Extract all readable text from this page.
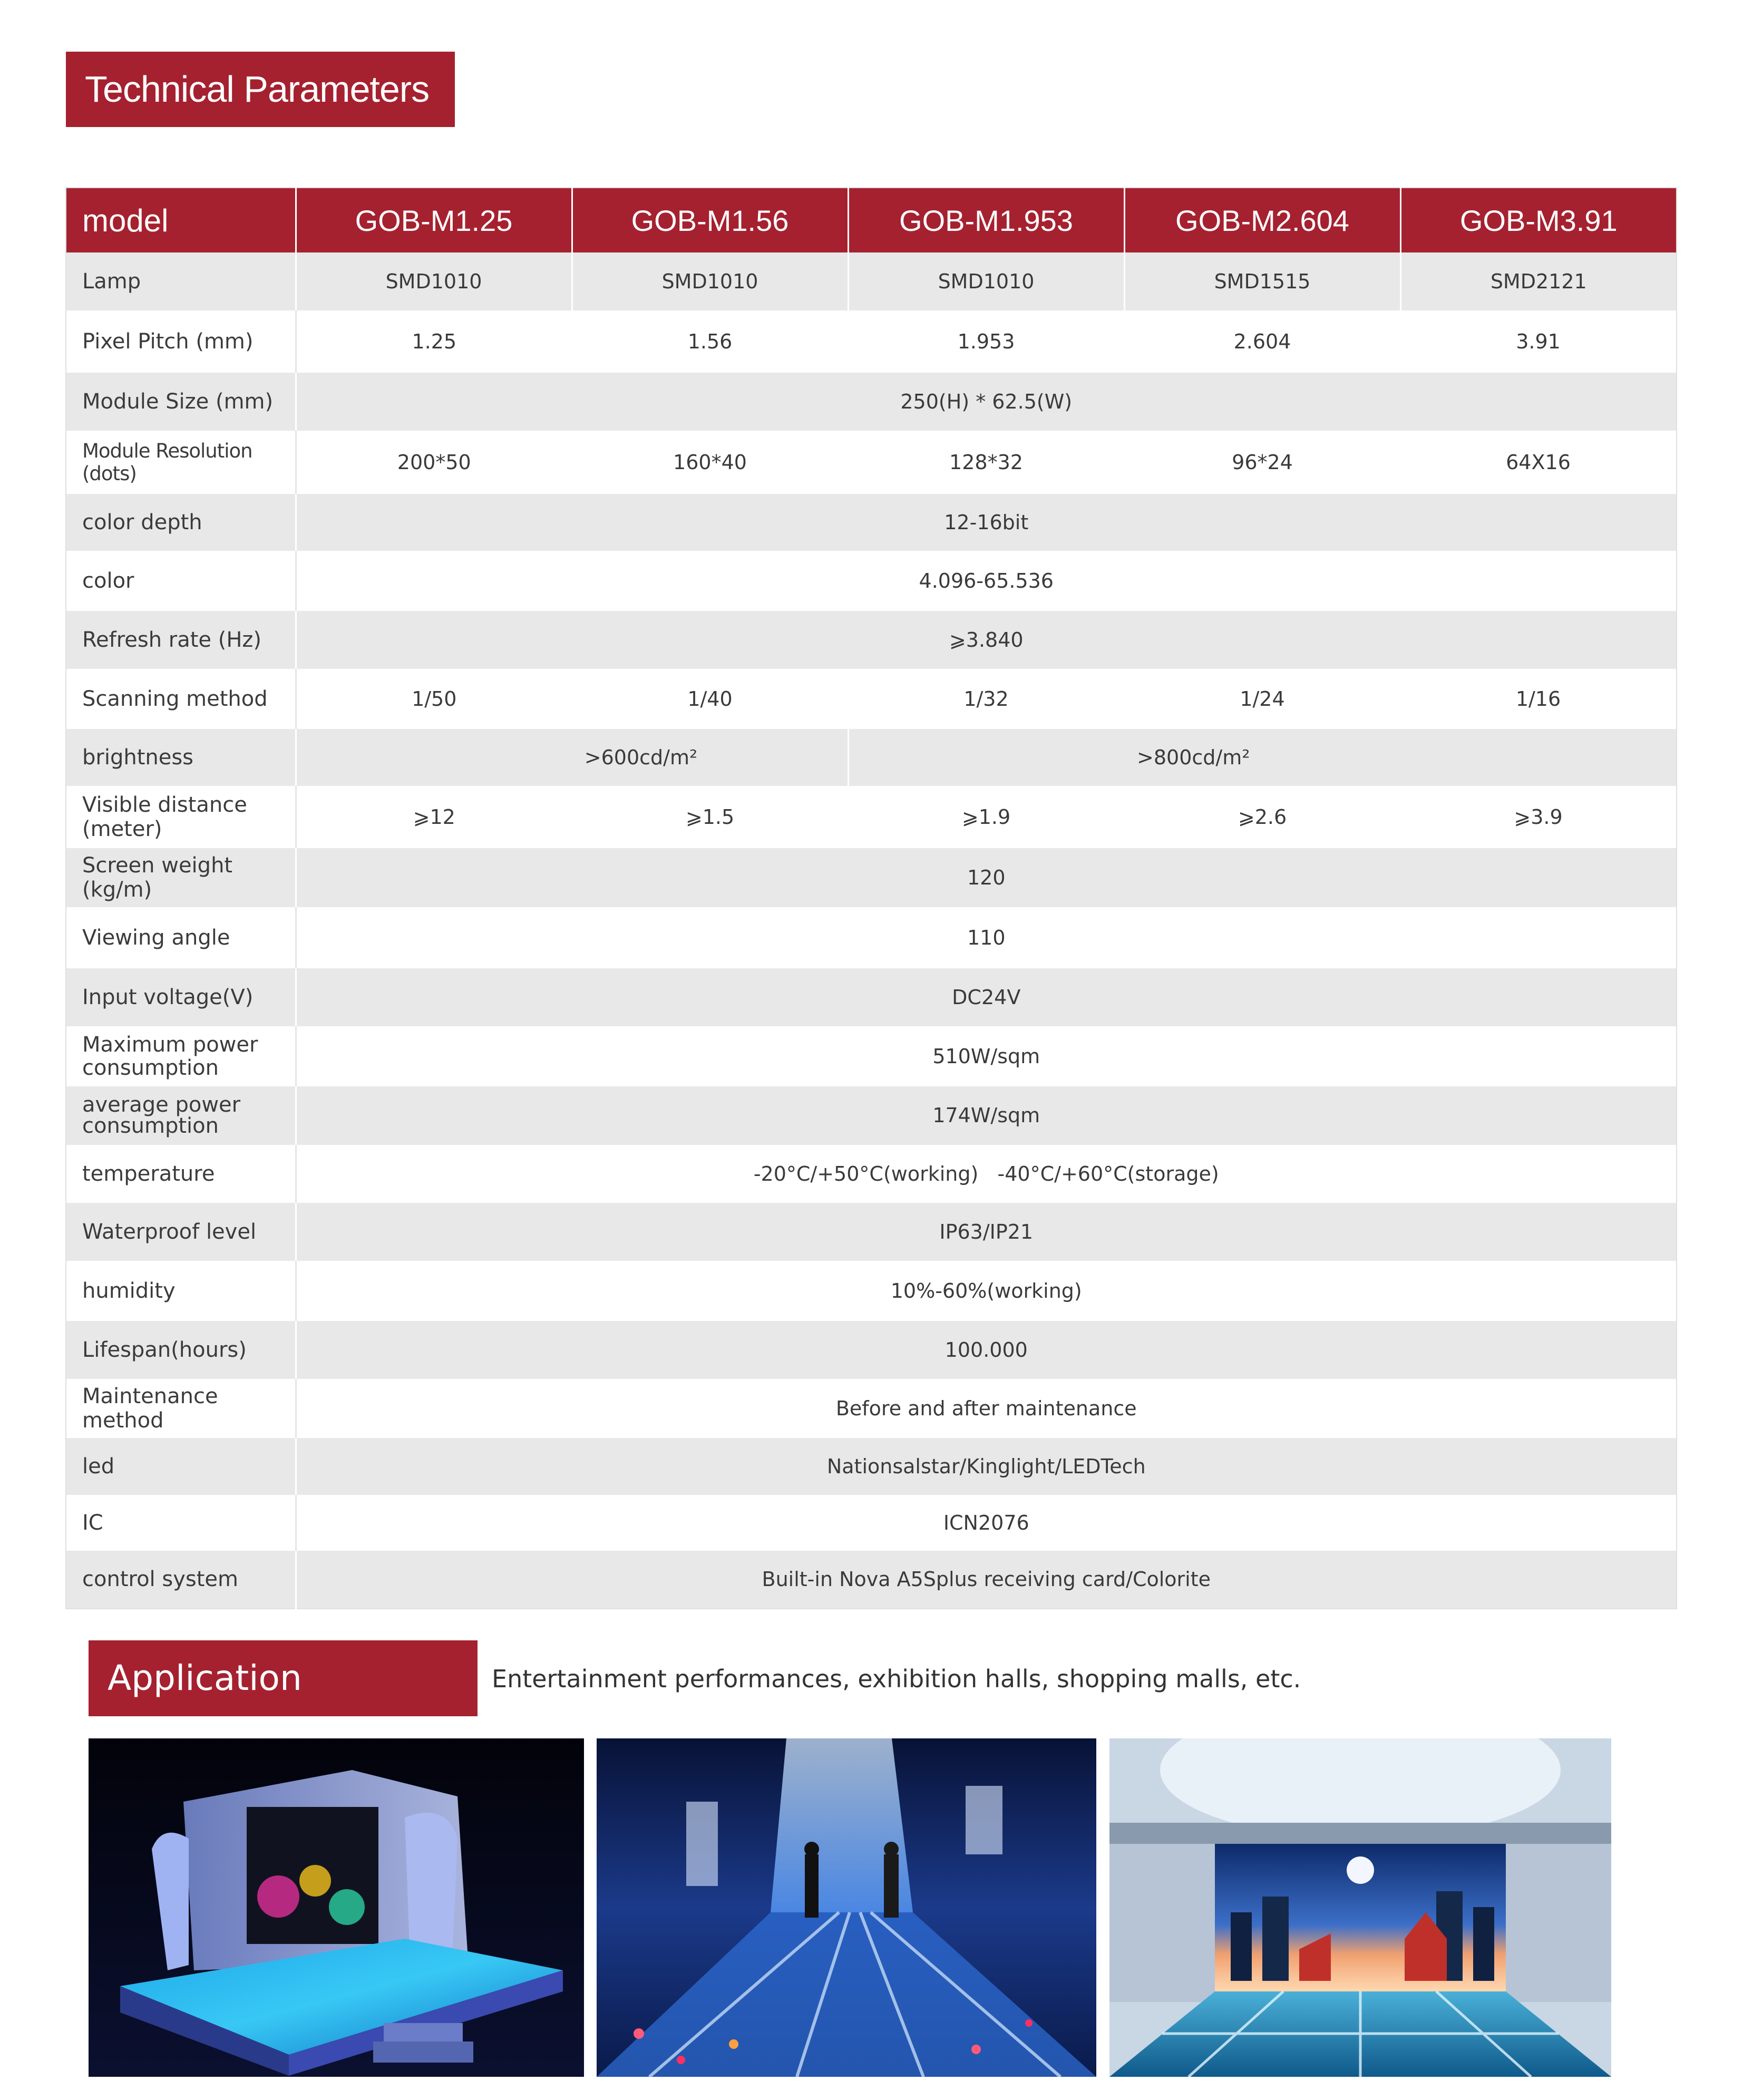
Technical Parameters
model	GOB-M1.25	GOB-M1.56	GOB-M1.953	GOB-M2.604	GOB-M3.91
Lamp	SMD1010	SMD1010	SMD1010	SMD1515	SMD2121
Pixel Pitch (mm)	1.25	1.56	1.953	2.604	3.91
Module Size (mm)	250(H) * 62.5(W)				
Module Resolution (dots)	200*50	160*40	128*32	96*24	64X16
color depth	12-16bit				
color	4.096-65.536				
Refresh rate (Hz)	⩾3.840				
Scanning method	1/50	1/40	1/32	1/24	1/16
brightness	>600cd/m²		>800cd/m²		
Visible distance (meter)	⩾12	⩾1.5	⩾1.9	⩾2.6	⩾3.9
Screen weight (kg/m)	120				
Viewing angle	110				
Input voltage(V)	DC24V				

Maximum power
consumption	510W/sqm				

average power
consumption	174W/sqm				
temperature	-20°C/+50°C(working)   -40°C/+60°C(storage)				
Waterproof level	IP63/IP21				
humidity	10%-60%(working)				
Lifespan(hours)	100.000				
Maintenance method	Before and after maintenance				
led	Nationsalstar/Kinglight/LEDTech				
IC	ICN2076				
control system	Built-in Nova A5Splus receiving card/Colorite				
Application	Entertainment performances, exhibition halls, shopping malls, etc.
